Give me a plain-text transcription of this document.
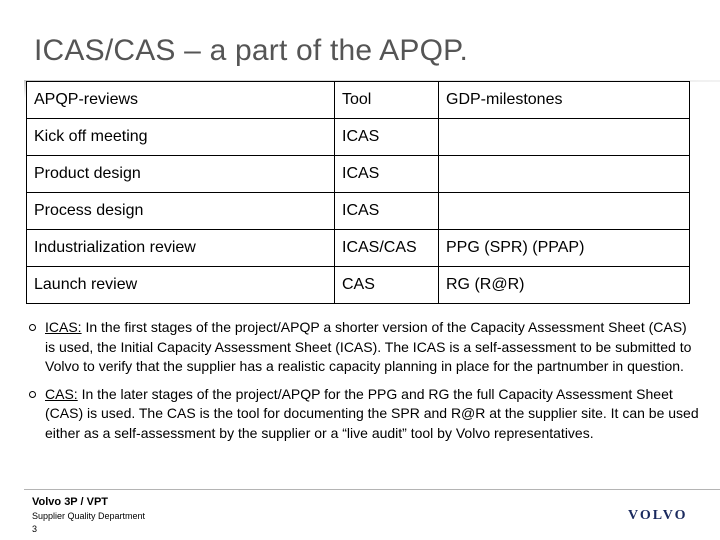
ICAS/CAS – a part of the APQP.
APQP-reviews	Tool	GDP-milestones
Kick off meeting	ICAS	
Product design	ICAS	
Process design	ICAS	
Industrialization review	ICAS/CAS	PPG (SPR) (PPAP)
Launch review	CAS	RG (R@R)
ICAS: In the first stages of the project/APQP a shorter version of the Capacity Assessment Sheet (CAS) is used, the Initial Capacity Assessment Sheet (ICAS). The ICAS is a self-assessment to be submitted to Volvo to verify that the supplier has a realistic capacity planning in place for the partnumber in question.
CAS: In the later stages of the project/APQP for the PPG and RG the full Capacity Assessment Sheet (CAS) is used. The CAS is the tool for documenting the SPR and R@R at the supplier site. It can be used either as a self-assessment by the supplier or a “live audit” tool by Volvo representatives.
Volvo 3P / VPT
Supplier Quality Department
3
VOLVO
